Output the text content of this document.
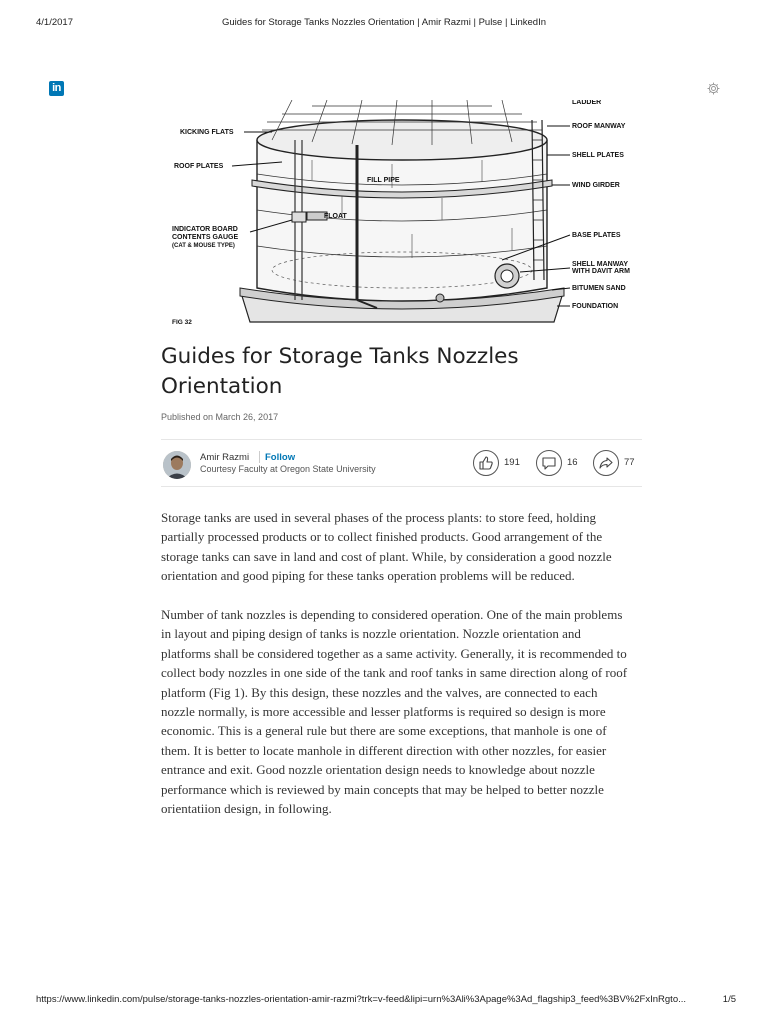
4/1/2017	Guides for Storage Tanks Nozzles Orientation | Amir Razmi | Pulse | LinkedIn
in
KICKING FLATS
ROOF PLATES
INDICATOR BOARD
CONTENTS GAUGE
(CAT & MOUSE TYPE)
FIG 32
FILL PIPE
FLOAT
LADDER
ROOF MANWAY
SHELL PLATES
WIND GIRDER
BASE PLATES
SHELL MANWAY
WITH DAVIT ARM
BITUMEN SAND
FOUNDATION
Guides for Storage Tanks Nozzles Orientation
Published on March 26, 2017
Amir Razmi Follow
Courtesy Faculty at Oregon State University
191	16	77

Storage tanks are used in several phases of the process plants: to store feed, holding partially processed products or to collect finished products. Good arrangement of the storage tanks can save in land and cost of plant. While, by consideration a good nozzle orientation and good piping for these tanks operation problems will be reduced.

Number of tank nozzles is depending to considered operation. One of the main problems in layout and piping design of tanks is nozzle orientation. Nozzle orientation and platforms shall be considered together as a same activity. Generally, it is recommended to collect body nozzles in one side of the tank and roof tanks in same direction along of roof platform (Fig 1). By this design, these nozzles and the valves, are connected to each nozzle normally, is more accessible and lesser platforms is required so design is more economic. This is a general rule but there are some exceptions, that manhole is one of them. It is better to locate manhole in different direction with other nozzles, for easier entrance and exit. Good nozzle orientation design needs to knowledge about nozzle performance which is reviewed by main concepts that may be helped to better nozzle orientatiion design, in following.

https://www.linkedin.com/pulse/storage-tanks-nozzles-orientation-amir-razmi?trk=v-feed&lipi=urn%3Ali%3Apage%3Ad_flagship3_feed%3BV%2FxInRgto...	1/5
